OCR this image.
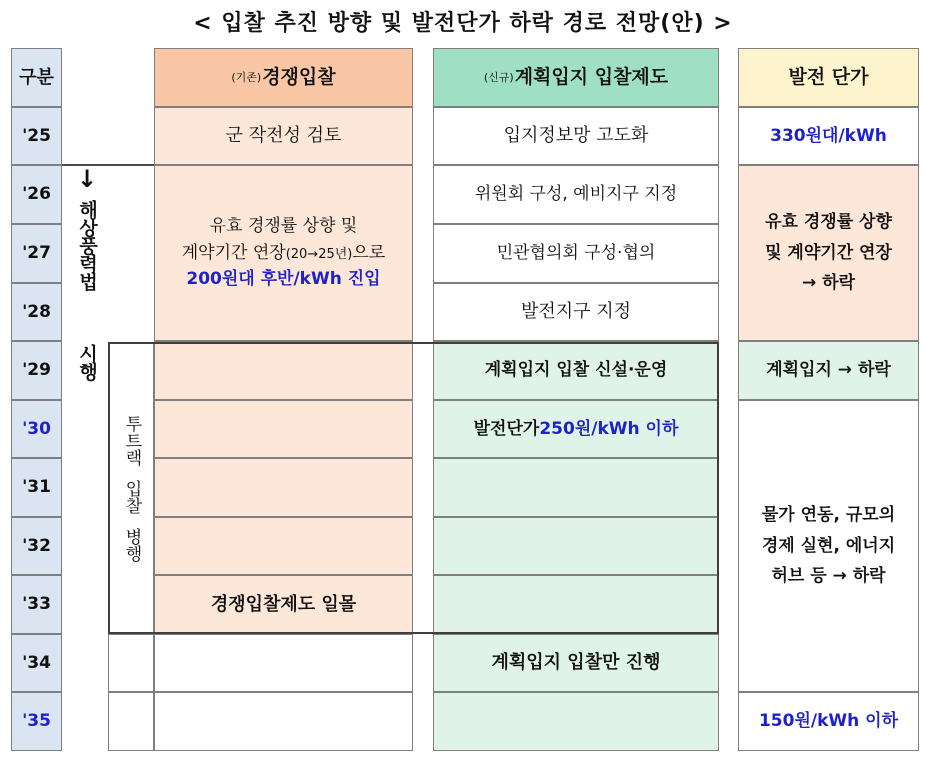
< 입찰 추진 방향 및 발전단가 하락 경로 전망(안) >
구분
'25
'26
'27
'28
'29
'30
'31
'32
'33
'34
'35
↓
해상풍력법
시행
(기존) 경쟁입찰
군 작전성 검토
유효 경쟁률 상향 및
계약기간 연장(20→25년)으로
200원대 후반/kWh 진입
경쟁입찰제도 일몰
(신규) 계획입지 입찰제도
입지정보망 고도화
위원회 구성, 예비지구 지정
민관협의회 구성·협의
발전지구 지정
계획입지 입찰 신설·운영
발전단가 250원/kWh 이하
계획입지 입찰만 진행
발전 단가
330원대/kWh
유효 경쟁률 상향
및 계약기간 연장
→ 하락
계획입지 → 하락
물가 연동, 규모의
경제 실현, 에너지
허브 등 → 하락
150원/kWh 이하
투트랙
입찰
병행
